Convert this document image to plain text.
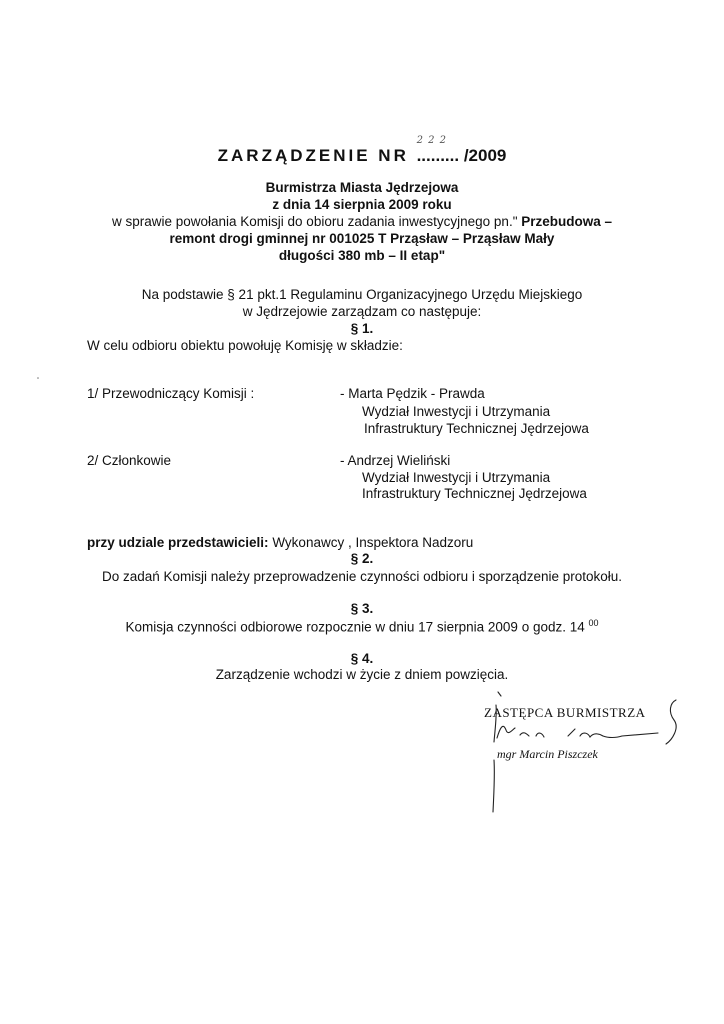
ZARZĄDZENIE NR
2 2 2
......... /2009
Burmistrza Miasta Jędrzejowa
z dnia 14 sierpnia 2009 roku
w sprawie powołania Komisji do obioru zadania inwestycyjnego pn." Przebudowa –
remont drogi gminnej nr 001025 T Prząsław – Prząsław Mały
długości 380 mb – II etap"
Na podstawie § 21 pkt.1 Regulaminu Organizacyjnego Urzędu Miejskiego
w Jędrzejowie zarządzam co następuje:
§ 1.
W celu odbioru obiektu powołuję Komisję w składzie:
1/ Przewodniczący Komisji :	- Marta Pędzik - Prawda
Wydział Inwestycji i Utrzymania
Infrastruktury Technicznej Jędrzejowa
2/ Członkowie	- Andrzej Wieliński
Wydział Inwestycji i Utrzymania
Infrastruktury Technicznej Jędrzejowa
przy udziale przedstawicieli: Wykonawcy , Inspektora Nadzoru
§ 2.
Do zadań Komisji należy przeprowadzenie czynności odbioru i sporządzenie protokołu.
§ 3.
Komisja czynności odbiorowe rozpocznie w dniu 17 sierpnia 2009 o godz. 14 $^{00}$
§ 4.
Zarządzenie wchodzi w życie z dniem powzięcia.
ZASTĘPCA BURMISTRZA
mgr Marcin Piszczek
